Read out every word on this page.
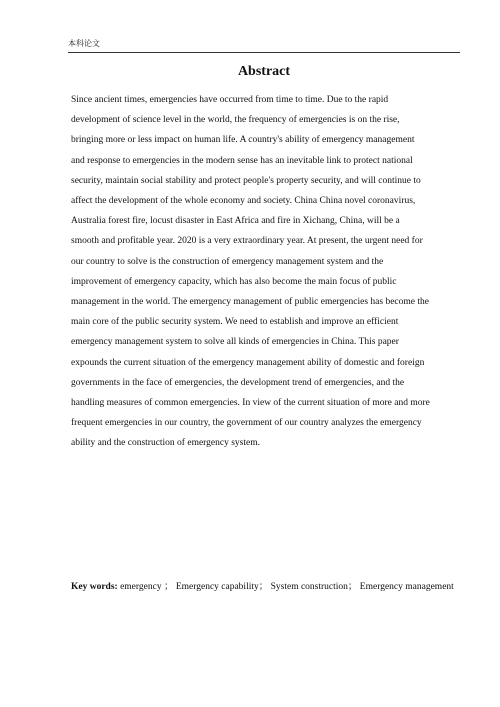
本科论文
Abstract
Since ancient times, emergencies have occurred from time to time. Due to the rapid
development of science level in the world, the frequency of emergencies is on the rise,
bringing more or less impact on human life. A country's ability of emergency management
and response to emergencies in the modern sense has an inevitable link to protect national
security, maintain social stability and protect people's property security, and will continue to
affect the development of the whole economy and society. China China novel coronavirus,
Australia forest fire, locust disaster in East Africa and fire in Xichang, China, will be a
smooth and profitable year. 2020 is a very extraordinary year. At present, the urgent need for
our country to solve is the construction of emergency management system and the
improvement of emergency capacity, which has also become the main focus of public
management in the world. The emergency management of public emergencies has become the
main core of the public security system. We need to establish and improve an efficient
emergency management system to solve all kinds of emergencies in China. This paper
expounds the current situation of the emergency management ability of domestic and foreign
governments in the face of emergencies, the development trend of emergencies, and the
handling measures of common emergencies. In view of the current situation of more and more
frequent emergencies in our country, the government of our country analyzes the emergency
ability and the construction of emergency system.
Key words: emergency ； Emergency capability； System construction； Emergency management
